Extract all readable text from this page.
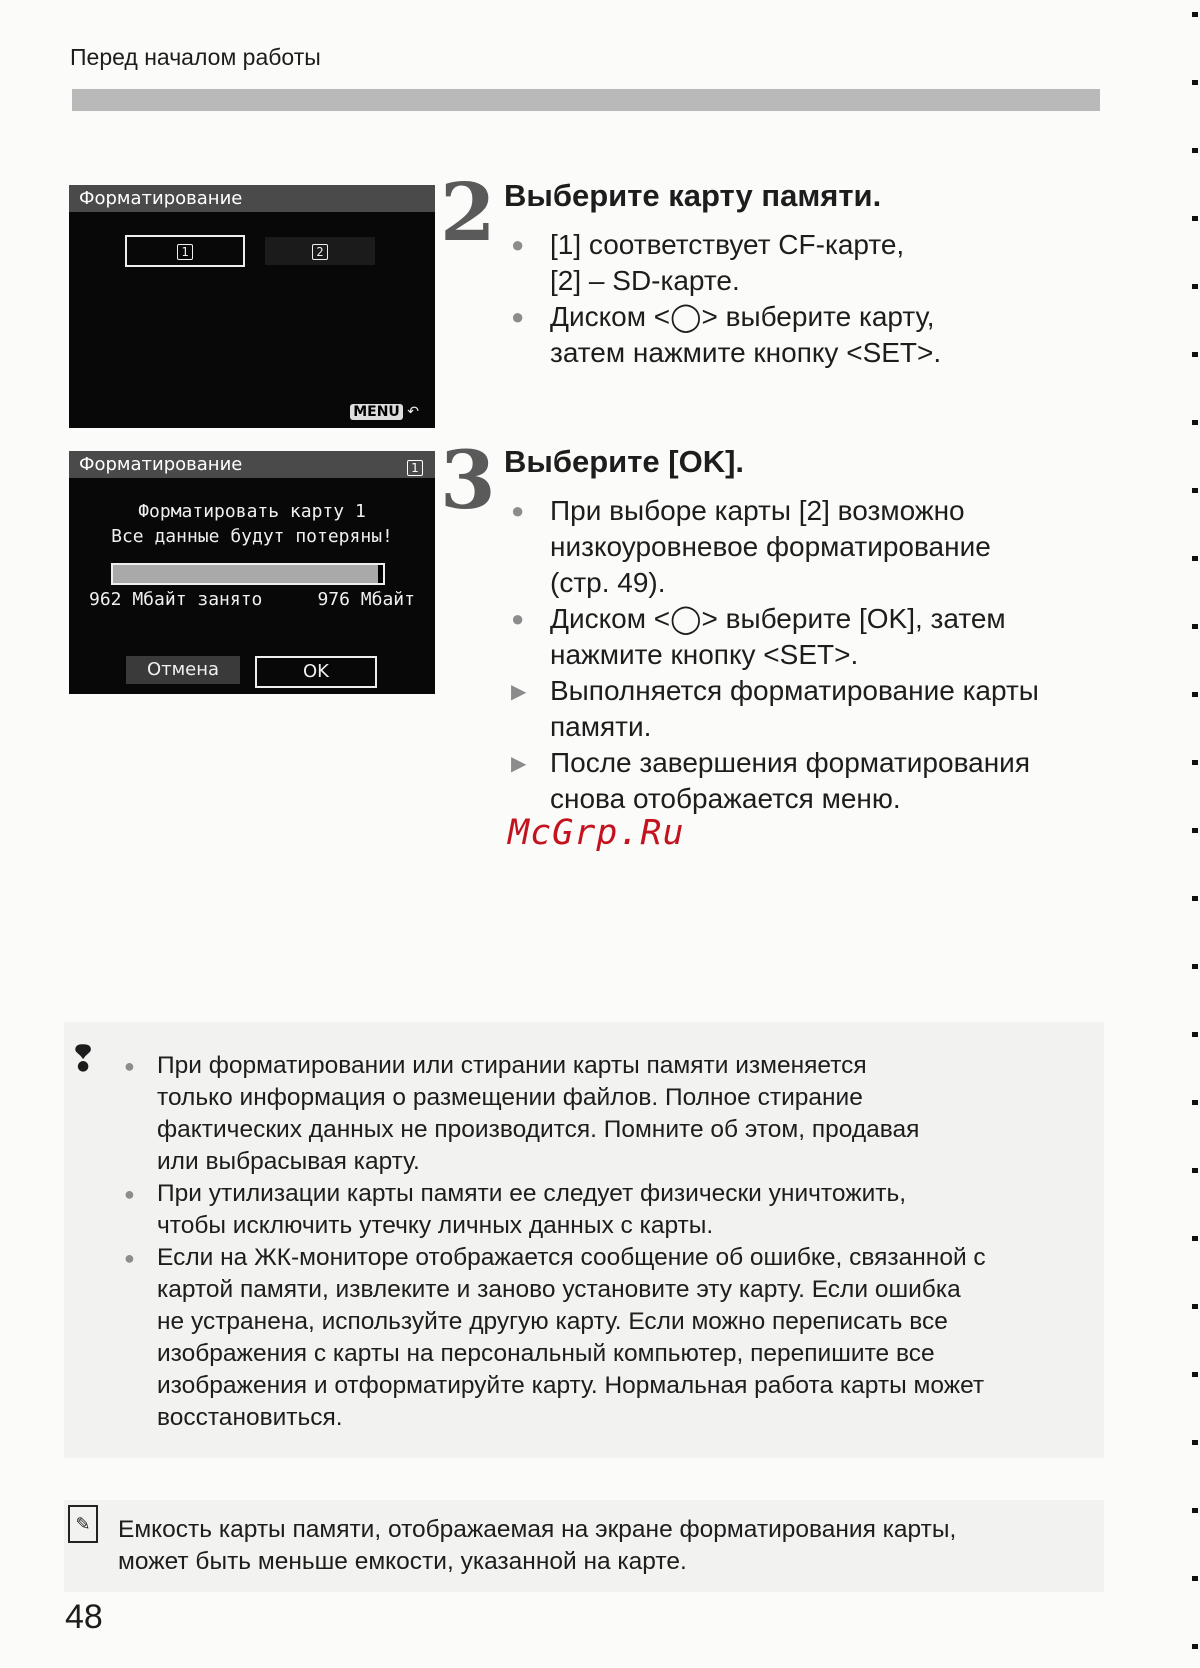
Перед началом работы
Форматирование
1	2
MENU ↶
Форматирование	1
Форматировать карту 1
Все данные будут потеряны!
962 Мбайт занято	976 Мбайт
Отмена	OK
2 Выберите карту памяти.
●
[1] соответствует CF-карте,
[2] – SD-карте.
●
Диском <◯> выберите карту,
затем нажмите кнопку <SET>.
3 Выберите [OK].
●
При выборе карты [2] возможно
низкоуровневое форматирование
(стр. 49).
●
Диском <◯> выберите [OK], затем
нажмите кнопку <SET>.
▶
Выполняется форматирование карты
памяти.
▶
После завершения форматирования
снова отображается меню.
McGrp.Ru
❢
● При форматировании или стирании карты памяти изменяется
только информация о размещении файлов. Полное стирание
фактических данных не производится. Помните об этом, продавая
или выбрасывая карту.
●
При утилизации карты памяти ее следует физически уничтожить,
чтобы исключить утечку личных данных с карты.
●
Если на ЖК-мониторе отображается сообщение об ошибке, связанной с
картой памяти, извлеките и заново установите эту карту. Если ошибка
не устранена, используйте другую карту. Если можно переписать все
изображения с карты на персональный компьютер, перепишите все
изображения и отформатируйте карту. Нормальная работа карты может
восстановиться.
✎	Емкость карты памяти, отображаемая на экране форматирования карты,
может быть меньше емкости, указанной на карте.
48
